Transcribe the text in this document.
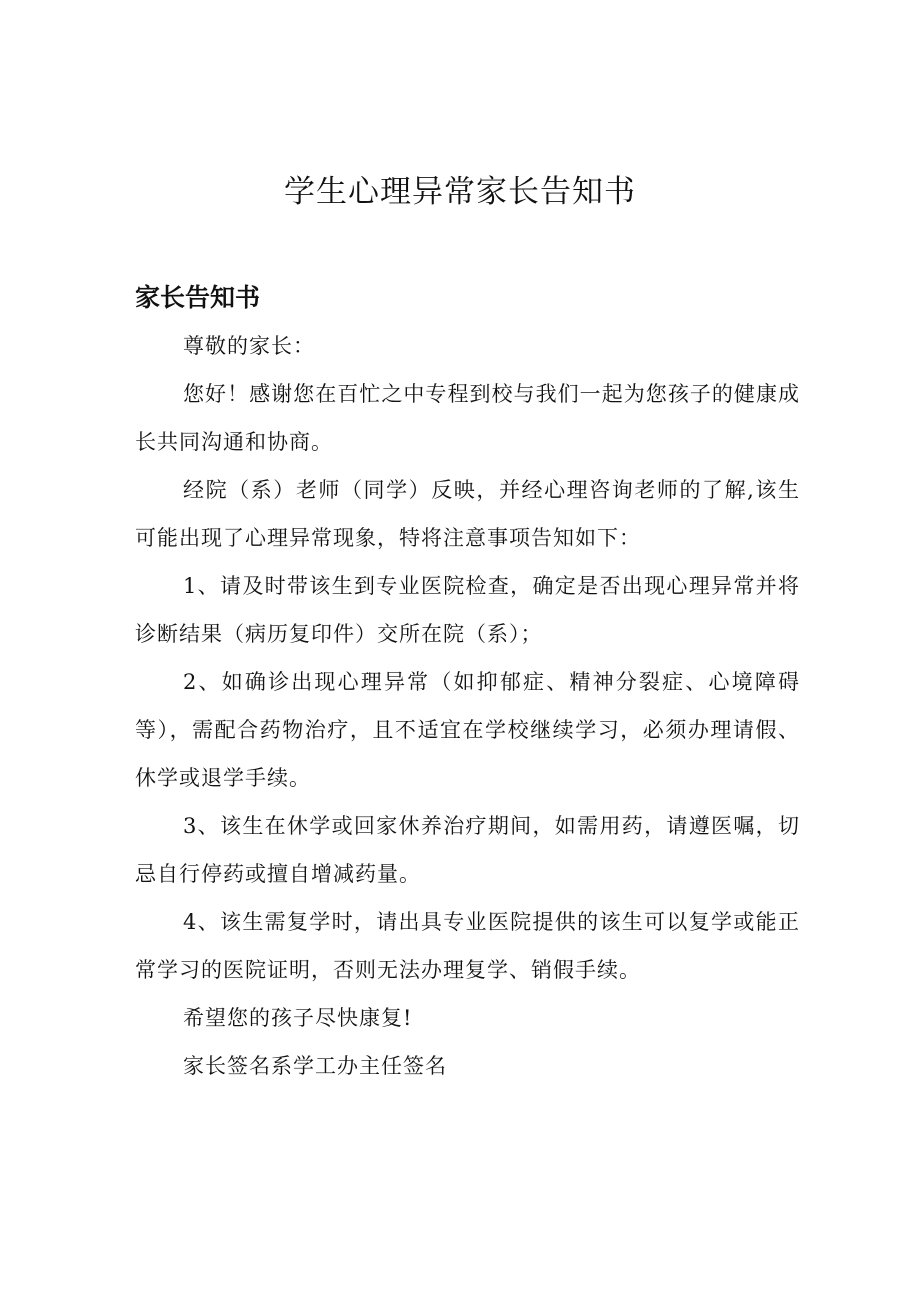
学生心理异常家长告知书
家长告知书

尊敬的家长：

您好！感谢您在百忙之中专程到校与我们一起为您孩子的健康成长共同沟通和协商。

经院（系）老师（同学）反映，并经心理咨询老师的了解,该生可能出现了心理异常现象，特将注意事项告知如下：

1、请及时带该生到专业医院检查，确定是否出现心理异常并将诊断结果（病历复印件）交所在院（系）；

2、如确诊出现心理异常（如抑郁症、精神分裂症、心境障碍等），需配合药物治疗，且不适宜在学校继续学习，必须办理请假、休学或退学手续。

3、该生在休学或回家休养治疗期间，如需用药，请遵医嘱，切忌自行停药或擅自增减药量。

4、该生需复学时，请出具专业医院提供的该生可以复学或能正常学习的医院证明，否则无法办理复学、销假手续。

希望您的孩子尽快康复!

家长签名系学工办主任签名
